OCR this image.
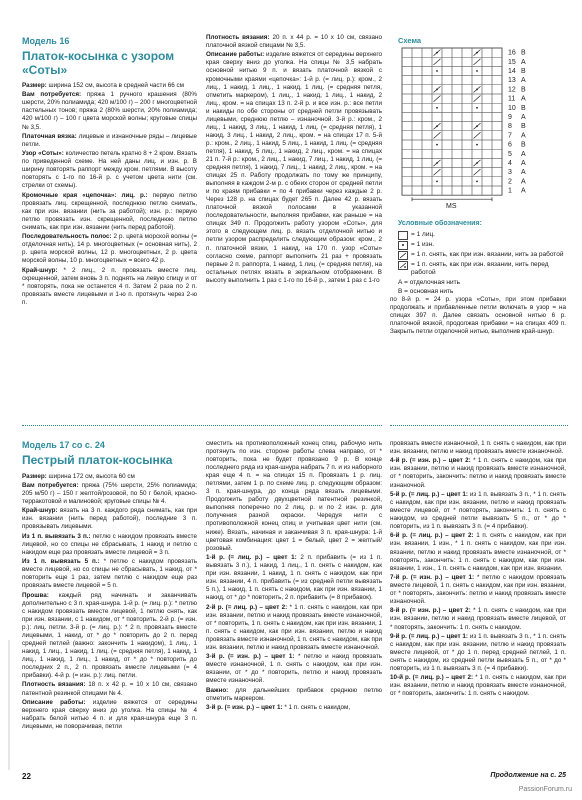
Модель 16
Платок-косынка с узором
«Соты»

Размер: ширина 152 см, высота в средней части 66 см

Вам потребуется: пряжа 1 ручного крашения (80% шерсти, 20% полиамида; 420 м/100 г) – 200 г многоцветной пастельных тонов; пряжа 2 (80% шерсти, 20% полиамида; 420 м/100 г) – 100 г цвета морской волны; круговые спицы № 3,5.

Платочная вязка: лицевые и изнаночные ряды – лицевые петли.

Узор «Соты»: количество петель кратно 8 + 2 кром. Вязать по приведенной схеме. На ней даны лиц. и изн. р. В ширину повторять раппорт между кром. петлями. В высоту повторять с 1-го по 16-й р. с учетом цвета нити (см. стрелки от схемы).

Кромочные края «цепочка»: лиц. р.: первую петлю провязать лиц. скрещенной, последнюю петлю снимать, как при изн. вязании (нить за работой); изн. р.: первую петлю провязать изн. скрещенной, последнюю петлю снимать, как при изн. вязании (нить перед работой).

Последовательность полос: 2 р. цвета морской волны (= отделочная нить), 14 р. многоцветных (= основная нить), 2 р. цвета морской волны, 12 р. многоцветных, 2 р. цвета морской волны, 10 р. многоцветных = всего 42 р.

Край-шнур: * 2 лиц., 2 п. провязать вместе лиц. скрещенной, затем вновь 3 п. поднять на левую спицу и от * повторять, пока не останется 4 п. Затем 2 раза по 2 п. провязать вместе лицевыми и 1-ю п. протянуть через 2-ю п.

Плотность вязания: 20 п. x 44 р. = 10 x 10 см, связано платочной вязкой спицами № 3,5.

Описание работы: изделие вяжется от середины верхнего края сверху вниз до уголка. На спицы № 3,5 набрать основной нитью 9 п. и вязать платочной вязкой с кромочными краями «цепочка»: 1-й р. (= лиц. р.): кром., 2 лиц., 1 накид, 1 лиц., 1 накид, 1 лиц. (= средняя петля, отметить маркером), 1 лиц., 1 накид, 1 лиц., 1 накид, 2 лиц., кром. = на спицах 13 п. 2-й р. и все изн. р.: все петли и накиды по обе стороны от средней петли провязывать лицевыми, среднюю петлю – изнаночной. 3-й р.: кром., 2 лиц., 1 накид, 3 лиц., 1 накид, 1 лиц. (= средняя петля), 1 накид, 3 лиц., 1 накид, 2 лиц., кром. = на спицах 17 п. 5-й р.: кром., 2 лиц., 1 накид, 5 лиц., 1 накид, 1 лиц. (= средняя петля), 1 накид, 5 лиц., 1 накид, 2 лиц., кром. = на спицах 21 п. 7-й р.: кром., 2 лиц., 1 накид, 7 лиц., 1 накид, 1 лиц. (= средняя петля), 1 накид, 7 лиц., 1 накид, 2 лиц., кром. = на спицах 25 п. Работу продолжать по тому же принципу, выполняя в каждом 2-м р. с обеих сторон от средней петли и по краям прибавки = по 4 прибавки через каждые 2 р. Через 128 р. на спицах будет 265 п. Далее 42 р. вязать платочной вязкой полосами в указанной последовательности, выполняя прибавки, как раньше = на спицах 349 п. Продолжить работу узором «Соты», для этого в следующем лиц. р. вязать отделочной нитью и петли узором распределить следующим образом: кром., 2 п. платочной вязки, 1 накид, на 170 п. узор «Соты» согласно схеме, раппорт выполнить 21 раз + провязать первые 2 п. раппорта, 1 накид, 1 лиц. (= средняя петля), на остальных петлях вязать в зеркальном отображении. В высоту выполнить 1 раз с 1-го по 16-й р., затем 1 раз с 1-го

Схема
16 В
15 А
14 В
13 А
12 В
11 А
10 В
9 А
8 В
7 А
6 В
5 А
4 А
3 А
2 А
1 А
MS
Условные обозначения:
= 1 лиц.
= 1 изн.
= 1 п. снять, как при изн. вязании, нить за работой
= 1 п. снять, как при изн. вязании, нить перед работой
А = отделочная нить
В = основная нить

по 8-й р. = 24 р. узора «Соты», при этом прибавки продолжать и прибавленные петли включать в узор = на спицах 397 п. Далее связать основной нитью 6 р. платочной вязкой, продолжая прибавки = на спицах 409 п. Закрыть петли отделочной нитью, выполнив край-шнур.

Модель 17 со с. 24
Пестрый платок-косынка

Размер: ширина 172 см, высота 60 см

Вам потребуется: пряжа (75% шерсти, 25% полиамида; 205 м/50 г) – 150 г желтой/розовой, по 50 г белой, красно-терракотовой и малиновой; круговые спицы № 4.

Край-шнур: вязать на 3 п. каждого ряда снимать, как при изн. вязании (нить перед работой), последние 3 п. провязывать лицевыми.

Из 1 п. вывязать 3 п.: петлю с накидом провязать вместе лицевой, но со спицы не сбрасывать, 1 накид и петлю с накидом еще раз провязать вместе лицевой = 3 п.

Из 1 п. вывязать 5 п.: * петлю с накидом провязать вместе лицевой, но со спицы не сбрасывать, 1 накид, от * повторить еще 1 раз, затем петлю с накидом еще раз провязать вместе лицевой = 5 п.

Прошва: каждый ряд начинать и заканчивать дополнительно с 3 п. края-шнура. 1-й р. (= лиц. р.): * петлю с накидом провязать вместе лицевой, 1 петлю снять, как при изн. вязании, с 1 накидом, от * повторить. 2-й р. (= изн. р.): лиц. петли. 3-й р. (= лиц. р.): * 2 п. провязать вместе лицевыми, 1 накид, от * до * повторить до 2 п. перед средней петлей (важно: закончить 1 накидом), 1 лиц., 1 накид, 1 лиц., 1 накид, 1 лиц. (= средняя петля), 1 накид, 1 лиц., 1 накид, 1 лиц., 1 накид, от * до * повторить до последних 2 п., 2 п. провязать вместе лицевыми (= 4 прибавки). 4-й р. (= изн. р.): лиц. петли.

Плотность вязания: 18 п. x 42 р. = 10 x 10 см, связано патентной резинкой спицами № 4.

Описание работы: изделие вяжется от середины верхнего края сверху вниз до уголка. На спицы № 4 набрать белой нитью 4 п. и для края-шнура еще 3 п. лицевыми, не поворачивая, петли

сместить на противоположный конец спиц, рабочую нить протянуть по изн. стороне работы слева направо, от * повторить, пока не будет провязано 9 р. В конце последнего ряда из края-шнура набрать 7 п. и из наборного края еще 4 п. = на спицах 15 п. Провязать 1 р. лиц. петлями, затем 1 р. по схеме лиц. р. следующим образом: 3 п. края-шнура, до конца ряда вязать лицевыми. Продолжить работу двухцветной патентной резинкой, выполняя поперечно по 2 лиц. р. и по 2 изн. р. для получения разной окраски. Чередуя нити с противоположной конец спиц и учитывая цвет нити (см. ниже). Вязать, начиная и заканчивая 3 п. края-шнура: 1-й цветовая комбинация: цвет 1 = белый, цвет 2 = желтый/розовый.

1-й р. (= лиц. р.) – цвет 1: 2 п. прибавить (= из 1 п. вывязать 3 п.), 1 накид, 1 лиц., 1 п. снять с накидом, как при изн. вязании, 1 накид, 1 п. снять с накидом, как при изн. вязании, 4 п. прибавить (= из средней петли вывязать 5 п.), 1 накид, 1 п. снять с накидом, как при изн. вязании, 1 накид, от * до * повторить, 2 п. прибавить (= 8 прибавок).

2-й р. (= лиц. р.) – цвет 2: * 1 п. снять с накидом, как при изн. вязании, петлю и накид провязать вместе изнаночной, от * повторить, 1 п. снять с накидом, как при изн. вязании, 1 п. снять с накидом, как при изн. вязании, петлю и накид провязать вместе изнаночной, 1 п. снять с накидом, как при изн. вязании, петлю и накид провязать вместе изнаночной.

3-й р. (= изн. р.) – цвет 1: * петлю и накид провязать вместе изнаночной, 1 п. снять с накидом, как при изн. вязании, от * до * повторить, петлю и накид провязать вместе изнаночной.

Важно: для дальнейших прибавок среднюю петлю отметить маркером.

3-й р. (= изн. р.) – цвет 1: * 1 п. снять с накидом,

провязать вместе изнаночной, 1 п. снять с накидом, как при изн. вязании, петлю и накид провязать вместе изнаночной.

4-й р. (= изн. р.) – цвет 2: * 1 п. снять с накидом, как при изн. вязании, петлю и накид провязать вместе изнаночной, от * повторить, закончить: петлю и накид провязать вместе изнаночной.

5-й р. (= лиц. р.) – цвет 1: из 1 п. вывязать 3 п., * 1 п. снять с накидом, как при изн. вязании, петлю и накид провязать вместе лицевой, от * повторять, закончить: 1 п. снять с накидом, из средней петли вывязать 5 п., от * до * повторить, из 1 п. вывязать 3 п. (= 4 прибавки).

6-й р. (= лиц. р.) – цвет 2: 1 п. снять с накидом, как при изн. вязании, 1 изн., * 1 п. снять с накидом, как при изн. вязании, петлю и накид провязать вместе изнаночной, от * повторять, закончить: 1 п. снять с накидом, как при изн. вязании, 1 изн., 1 п. снять с накидом, как при изн. вязании.

7-й р. (= изн. р.) – цвет 1: * петлю с накидом провязать вместе лицевой, 1 п. снять с накидом, как при изн. вязании, от * повторять, закончить: петлю и накид провязать вместе изнаночной.

8-й р. (= изн. р.) – цвет 2: * 1 п. снять с накидом, как при изн. вязании, петлю и накид провязать вместе лицевой, от * повторять, закончить: 1 п. снять с накидом.

9-й р. (= лиц. р.) – цвет 1: из 1 п. вывязать 3 п., * 1 п. снять с накидом, как при изн. вязании, петлю и накид провязать вместе лицевой, от * до 1 п. перед средней петлей, 1 п. снять с накидом, из средней петли вывязать 5 п., от * до * повторить, из 1 п. вывязать 3 п. (= 4 прибавки).

10-й р. (= лиц. р.) – цвет 2: * 1 п. снять с накидом, как при изн. вязании, петлю и накид провязать вместе изнаночной, от * повторить, закончить: 1 п. снять с накидом.

22	Продолжение на с. 25
PassionForum.ru
